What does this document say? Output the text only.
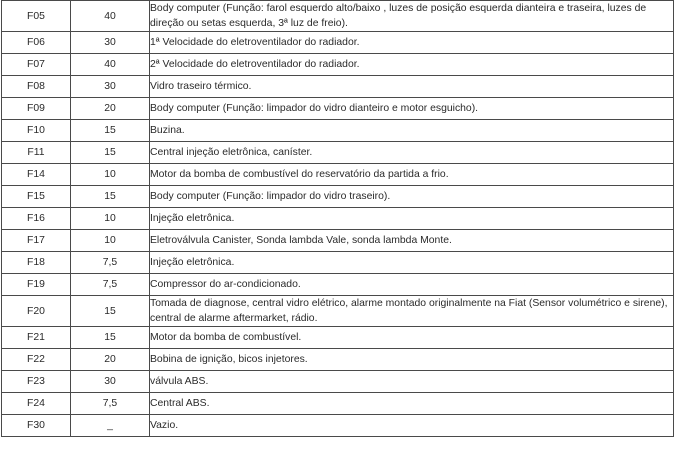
F05	40	Body computer (Função: farol esquerdo alto/baixo , luzes de posição esquerda dianteira e traseira, luzes de direção ou setas esquerda, 3ª luz de freio).
F06	30	1ª Velocidade do eletroventilador do radiador.
F07	40	2ª Velocidade do eletroventilador do radiador.
F08	30	Vidro traseiro térmico.
F09	20	Body computer (Função: limpador do vidro dianteiro e motor esguicho).
F10	15	Buzina.
F11	15	Central injeção eletrônica, caníster.
F14	10	Motor da bomba de combustível do reservatório da partida a frio.
F15	15	Body computer (Função: limpador do vidro traseiro).
F16	10	Injeção eletrônica.
F17	10	Eletroválvula Canister, Sonda lambda Vale, sonda lambda Monte.
F18	7,5	Injeção eletrônica.
F19	7,5	Compressor do ar-condicionado.
F20	15	Tomada de diagnose, central vidro elétrico, alarme montado originalmente na Fiat (Sensor volumétrico e sirene), central de alarme aftermarket, rádio.
F21	15	Motor da bomba de combustível.
F22	20	Bobina de ignição, bicos injetores.
F23	30	válvula ABS.
F24	7,5	Central ABS.
F30	_	Vazio.
